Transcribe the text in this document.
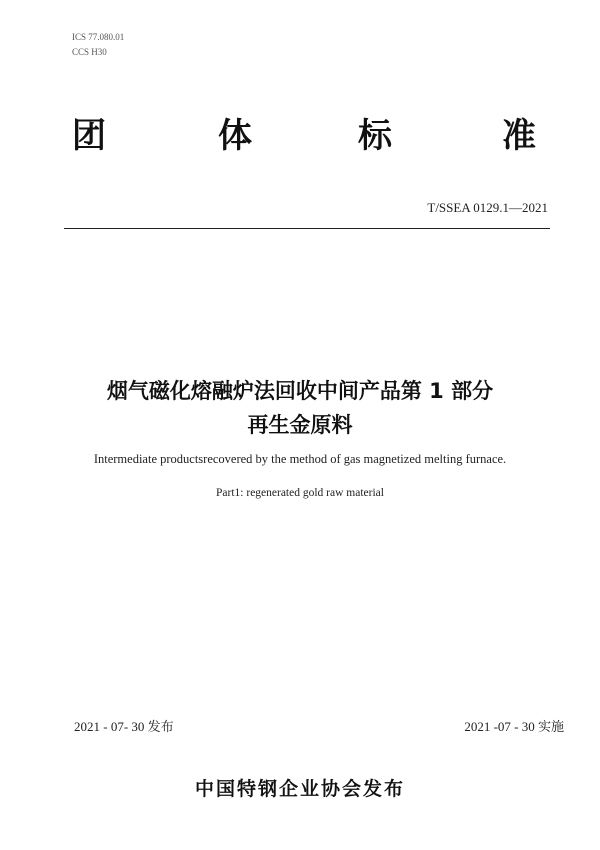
ICS 77.080.01
CCS H30
团	体	标	准
T/SSEA 0129.1—2021
烟气磁化熔融炉法回收中间产品第 1 部分
再生金原料
Intermediate productsrecovered by the method of gas magnetized melting furnace.
Part1: regenerated gold raw material
2021 - 07- 30 发布	2021 -07 - 30 实施
中国特钢企业协会发布
